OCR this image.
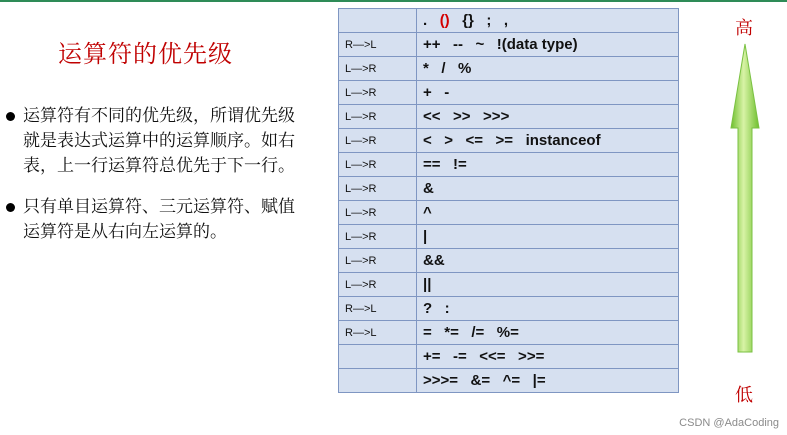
运算符的优先级
运算符有不同的优先级，所谓优先级就是表达式运算中的运算顺序。如右表，上一行运算符总优先于下一行。
只有单目运算符、三元运算符、赋值运算符是从右向左运算的。
	. () {}   ;   ,
R—>L	++   --   ~   !(data type)
L—>R	*   /   %
L—>R	+   -
L—>R	<<   >>   >>>
L—>R	<   >   <=   >=   instanceof
L—>R	==   !=
L—>R	&
L—>R	^
L—>R	|
L—>R	&&
L—>R	||
R—>L	?   :
R—>L	=   *=   /=   %=
	+=   -=   <<=   >>=
	>>>=   &=   ^=   |=
高
低
CSDN @AdaCoding
